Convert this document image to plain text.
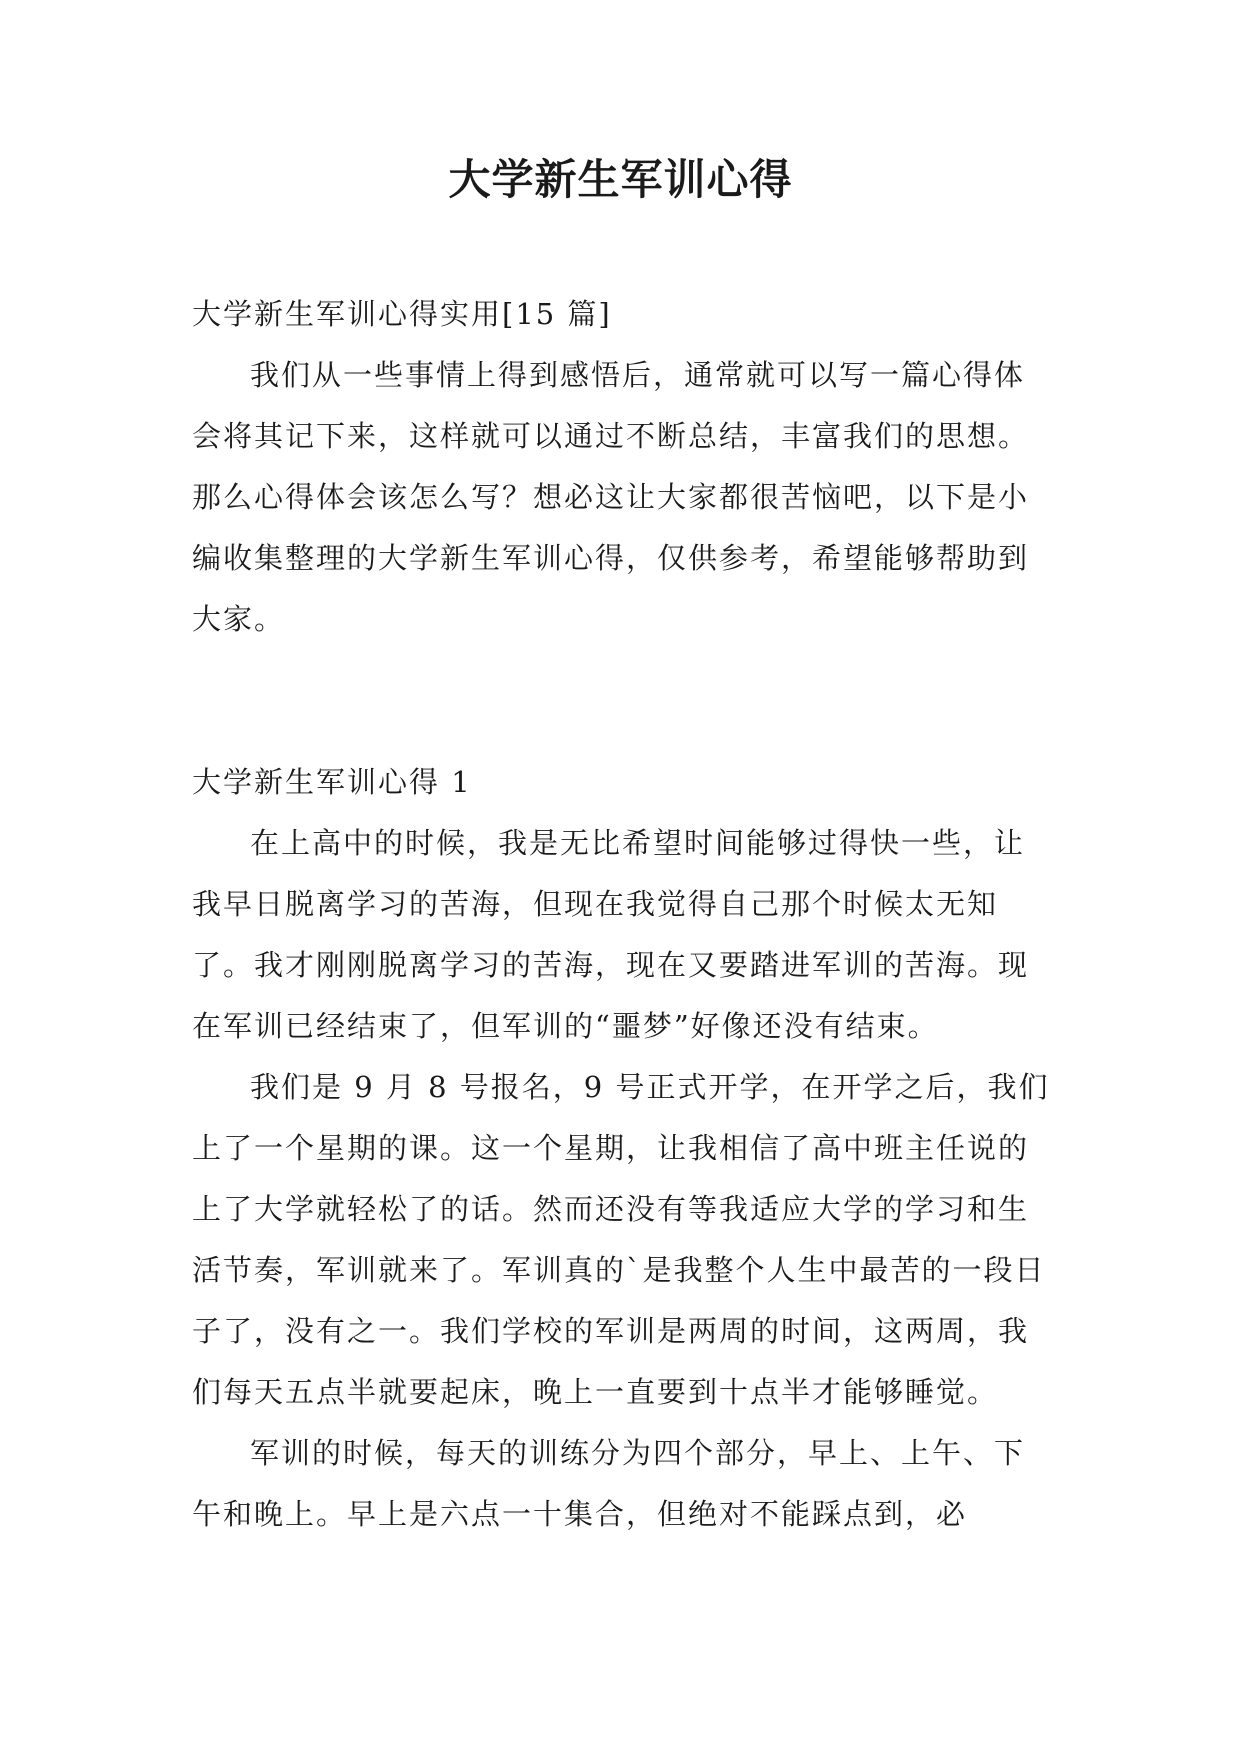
大学新生军训心得

大学新生军训心得实用[15 篇]

我们从一些事情上得到感悟后，通常就可以写一篇心得体会将其记下来，这样就可以通过不断总结，丰富我们的思想。那么心得体会该怎么写？想必这让大家都很苦恼吧，以下是小编收集整理的大学新生军训心得，仅供参考，希望能够帮助到大家。

大学新生军训心得 1

在上高中的时候，我是无比希望时间能够过得快一些，让我早日脱离学习的苦海，但现在我觉得自己那个时候太无知了。我才刚刚脱离学习的苦海，现在又要踏进军训的苦海。现在军训已经结束了，但军训的“噩梦”好像还没有结束。

我们是 9 月 8 号报名，9 号正式开学，在开学之后，我们上了一个星期的课。这一个星期，让我相信了高中班主任说的上了大学就轻松了的话。然而还没有等我适应大学的学习和生活节奏，军训就来了。军训真的`是我整个人生中最苦的一段日子了，没有之一。我们学校的军训是两周的时间，这两周，我们每天五点半就要起床，晚上一直要到十点半才能够睡觉。

军训的时候，每天的训练分为四个部分，早上、上午、下午和晚上。早上是六点一十集合，但绝对不能踩点到，必
